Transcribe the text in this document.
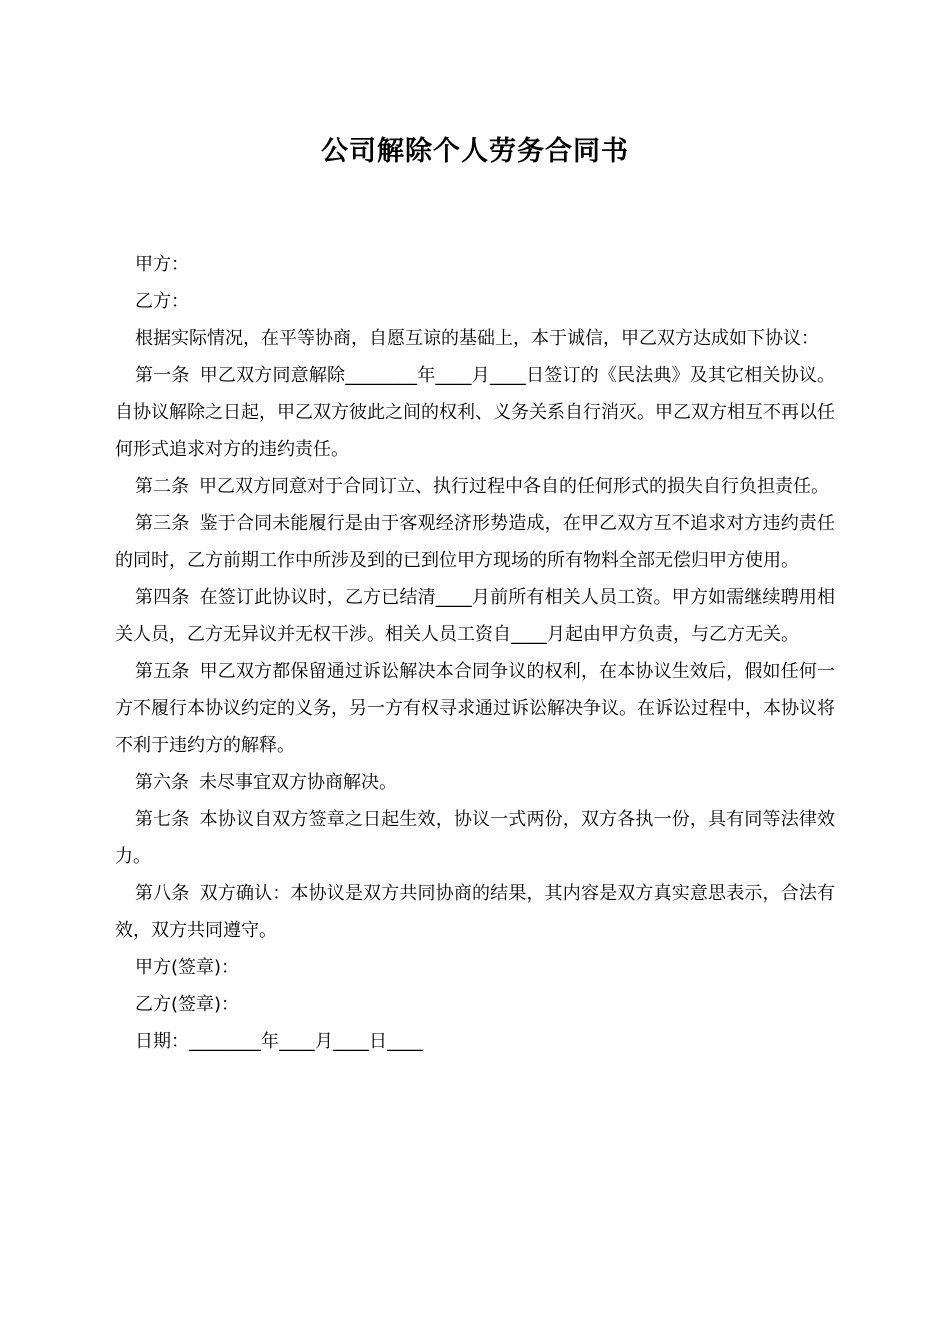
公司解除个人劳务合同书

甲方：

乙方：

根据实际情况，在平等协商，自愿互谅的基础上，本于诚信，甲乙双方达成如下协议：

第一条 甲乙双方同意解除________年____月____日签订的《民法典》及其它相关协议。自协议解除之日起，甲乙双方彼此之间的权利、义务关系自行消灭。甲乙双方相互不再以任何形式追求对方的违约责任。

第二条 甲乙双方同意对于合同订立、执行过程中各自的任何形式的损失自行负担责任。

第三条 鉴于合同未能履行是由于客观经济形势造成，在甲乙双方互不追求对方违约责任的同时，乙方前期工作中所涉及到的已到位甲方现场的所有物料全部无偿归甲方使用。

第四条 在签订此协议时，乙方已结清____月前所有相关人员工资。甲方如需继续聘用相关人员，乙方无异议并无权干涉。相关人员工资自____月起由甲方负责，与乙方无关。

第五条 甲乙双方都保留通过诉讼解决本合同争议的权利，在本协议生效后，假如任何一方不履行本协议约定的义务，另一方有权寻求通过诉讼解决争议。在诉讼过程中，本协议将不利于违约方的解释。

第六条 未尽事宜双方协商解决。

第七条 本协议自双方签章之日起生效，协议一式两份，双方各执一份，具有同等法律效力。

第八条 双方确认：本协议是双方共同协商的结果，其内容是双方真实意思表示，合法有效，双方共同遵守。

甲方(签章)：

乙方(签章)：

日期：________年____月____日____
